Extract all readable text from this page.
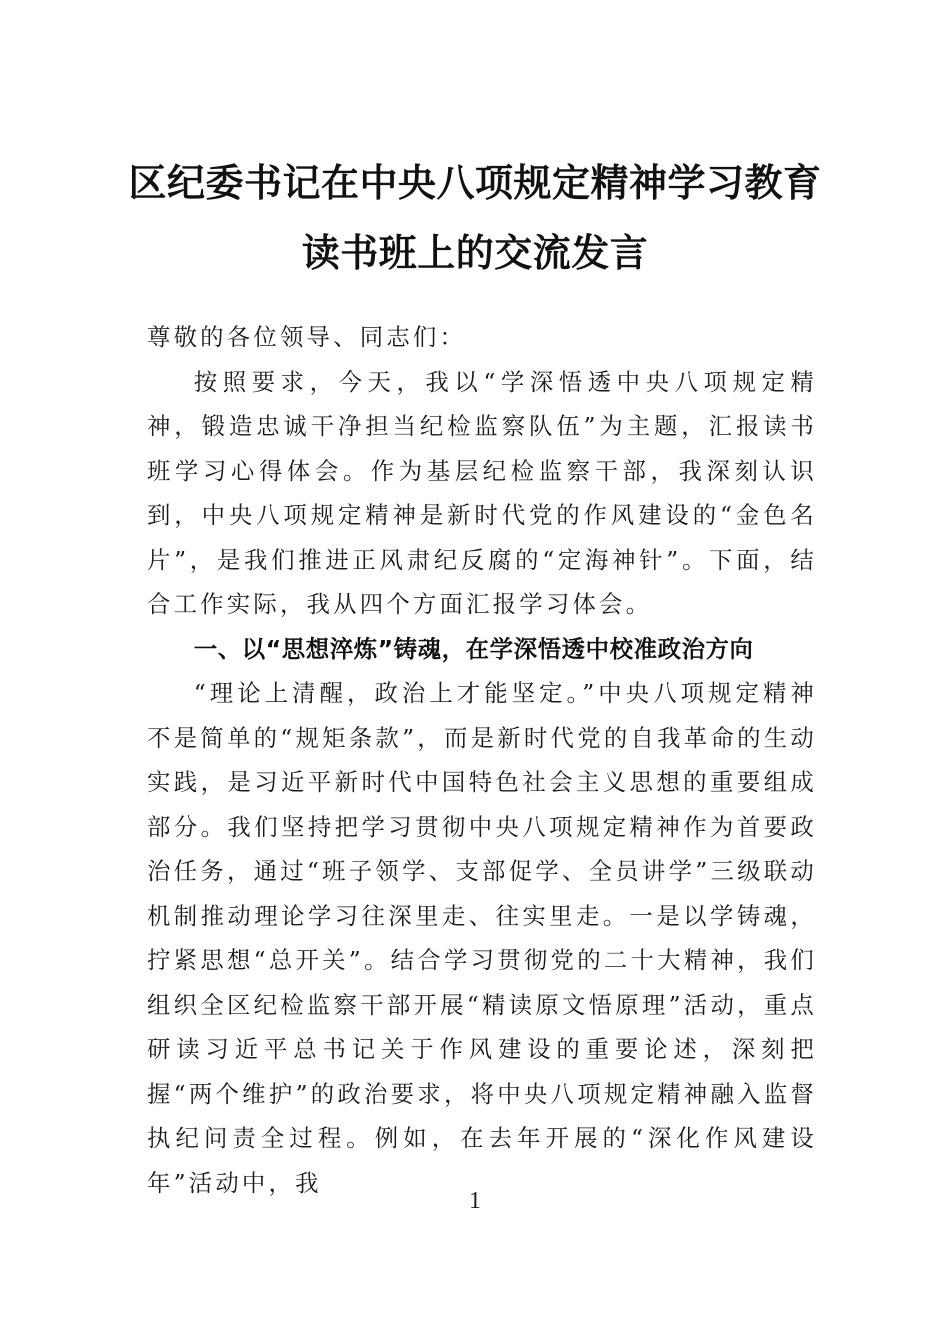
区纪委书记在中央八项规定精神学习教育
读书班上的交流发言

尊敬的各位领导、同志们：

按照要求，今天，我以“学深悟透中央八项规定精神，锻造忠诚干净担当纪检监察队伍”为主题，汇报读书班学习心得体会。作为基层纪检监察干部，我深刻认识到，中央八项规定精神是新时代党的作风建设的“金色名片”，是我们推进正风肃纪反腐的“定海神针”。下面，结合工作实际，我从四个方面汇报学习体会。

一、以“思想淬炼”铸魂，在学深悟透中校准政治方向

“理论上清醒，政治上才能坚定。”中央八项规定精神不是简单的“规矩条款”，而是新时代党的自我革命的生动实践，是习近平新时代中国特色社会主义思想的重要组成部分。我们坚持把学习贯彻中央八项规定精神作为首要政治任务，通过“班子领学、支部促学、全员讲学”三级联动机制推动理论学习往深里走、往实里走。一是以学铸魂，拧紧思想“总开关”。结合学习贯彻党的二十大精神，我们组织全区纪检监察干部开展“精读原文悟原理”活动，重点研读习近平总书记关于作风建设的重要论述，深刻把握“两个维护”的政治要求，将中央八项规定精神融入监督执纪问责全过程。例如，在去年开展的“深化作风建设年”活动中，我

1
